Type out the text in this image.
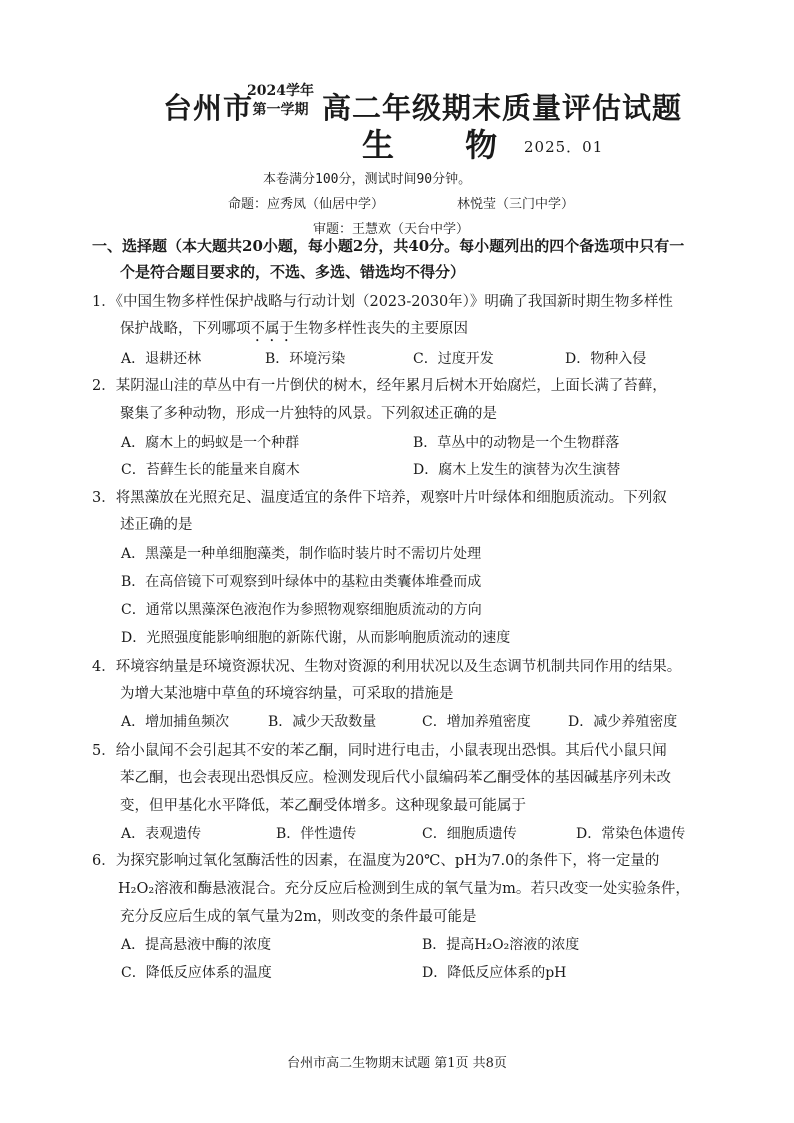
台州市
2024学年
第一学期 高二年级期末质量评估试题
生 物
2025．01
本卷满分100分，测试时间90分钟。
命题：应秀凤（仙居中学）	林悦莹（三门中学）
审题：王慧欢（天台中学）
一、选择题（本大题共20小题，每小题2分，共40分。每小题列出的四个备选项中只有一
个是符合题目要求的，不选、多选、错选均不得分）
1．《中国生物多样性保护战略与行动计划（2023-2030年）》明确了我国新时期生物多样性
保护战略，下列哪项不属于生物多样性丧失的主要原因
A．退耕还林	B．环境污染	C．过度开发	D．物种入侵
2．某阴湿山洼的草丛中有一片倒伏的树木，经年累月后树木开始腐烂，上面长满了苔藓，
聚集了多种动物，形成一片独特的风景。下列叙述正确的是
A．腐木上的蚂蚁是一个种群	B．草丛中的动物是一个生物群落
C．苔藓生长的能量来自腐木	D．腐木上发生的演替为次生演替
3．将黑藻放在光照充足、温度适宜的条件下培养，观察叶片叶绿体和细胞质流动。下列叙
述正确的是
A．黑藻是一种单细胞藻类，制作临时装片时不需切片处理
B．在高倍镜下可观察到叶绿体中的基粒由类囊体堆叠而成
C．通常以黑藻深色液泡作为参照物观察细胞质流动的方向
D．光照强度能影响细胞的新陈代谢，从而影响胞质流动的速度
4．环境容纳量是环境资源状况、生物对资源的利用状况以及生态调节机制共同作用的结果。
为增大某池塘中草鱼的环境容纳量，可采取的措施是
A．增加捕鱼频次	B．减少天敌数量	C．增加养殖密度	D．减少养殖密度
5．给小鼠闻不会引起其不安的苯乙酮，同时进行电击，小鼠表现出恐惧。其后代小鼠只闻
苯乙酮，也会表现出恐惧反应。检测发现后代小鼠编码苯乙酮受体的基因碱基序列未改
变，但甲基化水平降低，苯乙酮受体增多。这种现象最可能属于
A．表观遗传	B．伴性遗传	C．细胞质遗传	D．常染色体遗传
6．为探究影响过氧化氢酶活性的因素，在温度为20℃、pH为7.0的条件下，将一定量的
H₂O₂溶液和酶悬液混合。充分反应后检测到生成的氧气量为m。若只改变一处实验条件，
充分反应后生成的氧气量为2m，则改变的条件最可能是
A．提高悬液中酶的浓度	B．提高H₂O₂溶液的浓度
C．降低反应体系的温度	D．降低反应体系的pH
台州市高二生物期末试题 第1页 共8页
